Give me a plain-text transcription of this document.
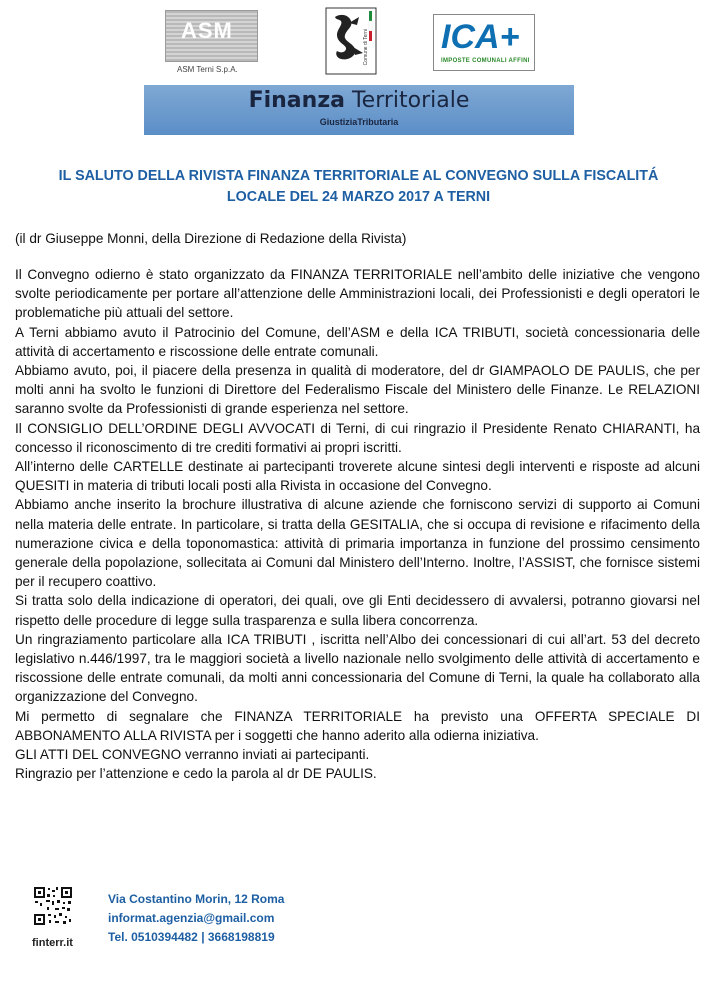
ASM
ASM Terni S.p.A.
Comune di Terni ICA+
IMPOSTE COMUNALI AFFINI
Finanza Territoriale
GiustiziaTributaria
IL SALUTO DELLA RIVISTA FINANZA TERRITORIALE AL CONVEGNO SULLA FISCALITÁ
LOCALE DEL 24 MARZO 2017 A TERNI
(il dr Giuseppe Monni, della Direzione di Redazione della Rivista)

Il Convegno odierno è stato organizzato da FINANZA TERRITORIALE nell’ambito delle iniziative che vengono svolte periodicamente per portare all’attenzione delle Amministrazioni locali, dei Professionisti e degli operatori le problematiche più attuali del settore.

A Terni abbiamo avuto il Patrocinio del Comune, dell’ASM e della ICA TRIBUTI, società concessionaria delle attività di accertamento e riscossione delle entrate comunali.

Abbiamo avuto, poi, il piacere della presenza in qualità di moderatore, del dr GIAMPAOLO DE PAULIS, che per molti anni ha svolto le funzioni di Direttore del Federalismo Fiscale del Ministero delle Finanze. Le RELAZIONI saranno svolte da Professionisti di grande esperienza nel settore.

Il CONSIGLIO DELL’ORDINE DEGLI AVVOCATI di Terni, di cui ringrazio il Presidente Renato CHIARANTI, ha concesso il riconoscimento di tre crediti formativi ai propri iscritti.

All’interno delle CARTELLE destinate ai partecipanti troverete alcune sintesi degli interventi e risposte ad alcuni QUESITI in materia di tributi locali posti alla Rivista in occasione del Convegno.

Abbiamo anche inserito la brochure illustrativa di alcune aziende che forniscono servizi di supporto ai Comuni nella materia delle entrate. In particolare, si tratta della GESITALIA, che si occupa di revisione e rifacimento della numerazione civica e della toponomastica: attività di primaria importanza in funzione del prossimo censimento generale della popolazione, sollecitata ai Comuni dal Ministero dell’Interno. Inoltre, l’ASSIST, che fornisce sistemi per il recupero coattivo.

Si tratta solo della indicazione di operatori, dei quali, ove gli Enti decidessero di avvalersi, potranno giovarsi nel rispetto delle procedure di legge sulla trasparenza e sulla libera concorrenza.

Un ringraziamento particolare alla ICA TRIBUTI , iscritta nell’Albo dei concessionari di cui all’art. 53 del decreto legislativo n.446/1997, tra le maggiori società a livello nazionale nello svolgimento delle attività di accertamento e riscossione delle entrate comunali, da molti anni concessionaria del Comune di Terni, la quale ha collaborato alla organizzazione del Convegno.

Mi permetto di segnalare che FINANZA TERRITORIALE ha previsto una OFFERTA SPECIALE DI ABBONAMENTO ALLA RIVISTA per i soggetti che hanno aderito alla odierna iniziativa.

GLI ATTI DEL CONVEGNO verranno inviati ai partecipanti.

Ringrazio per l’attenzione e cedo la parola al dr DE PAULIS.

finterr.it
Via Costantino Morin, 12 Roma
informat.agenzia@gmail.com
Tel. 0510394482 | 3668198819
